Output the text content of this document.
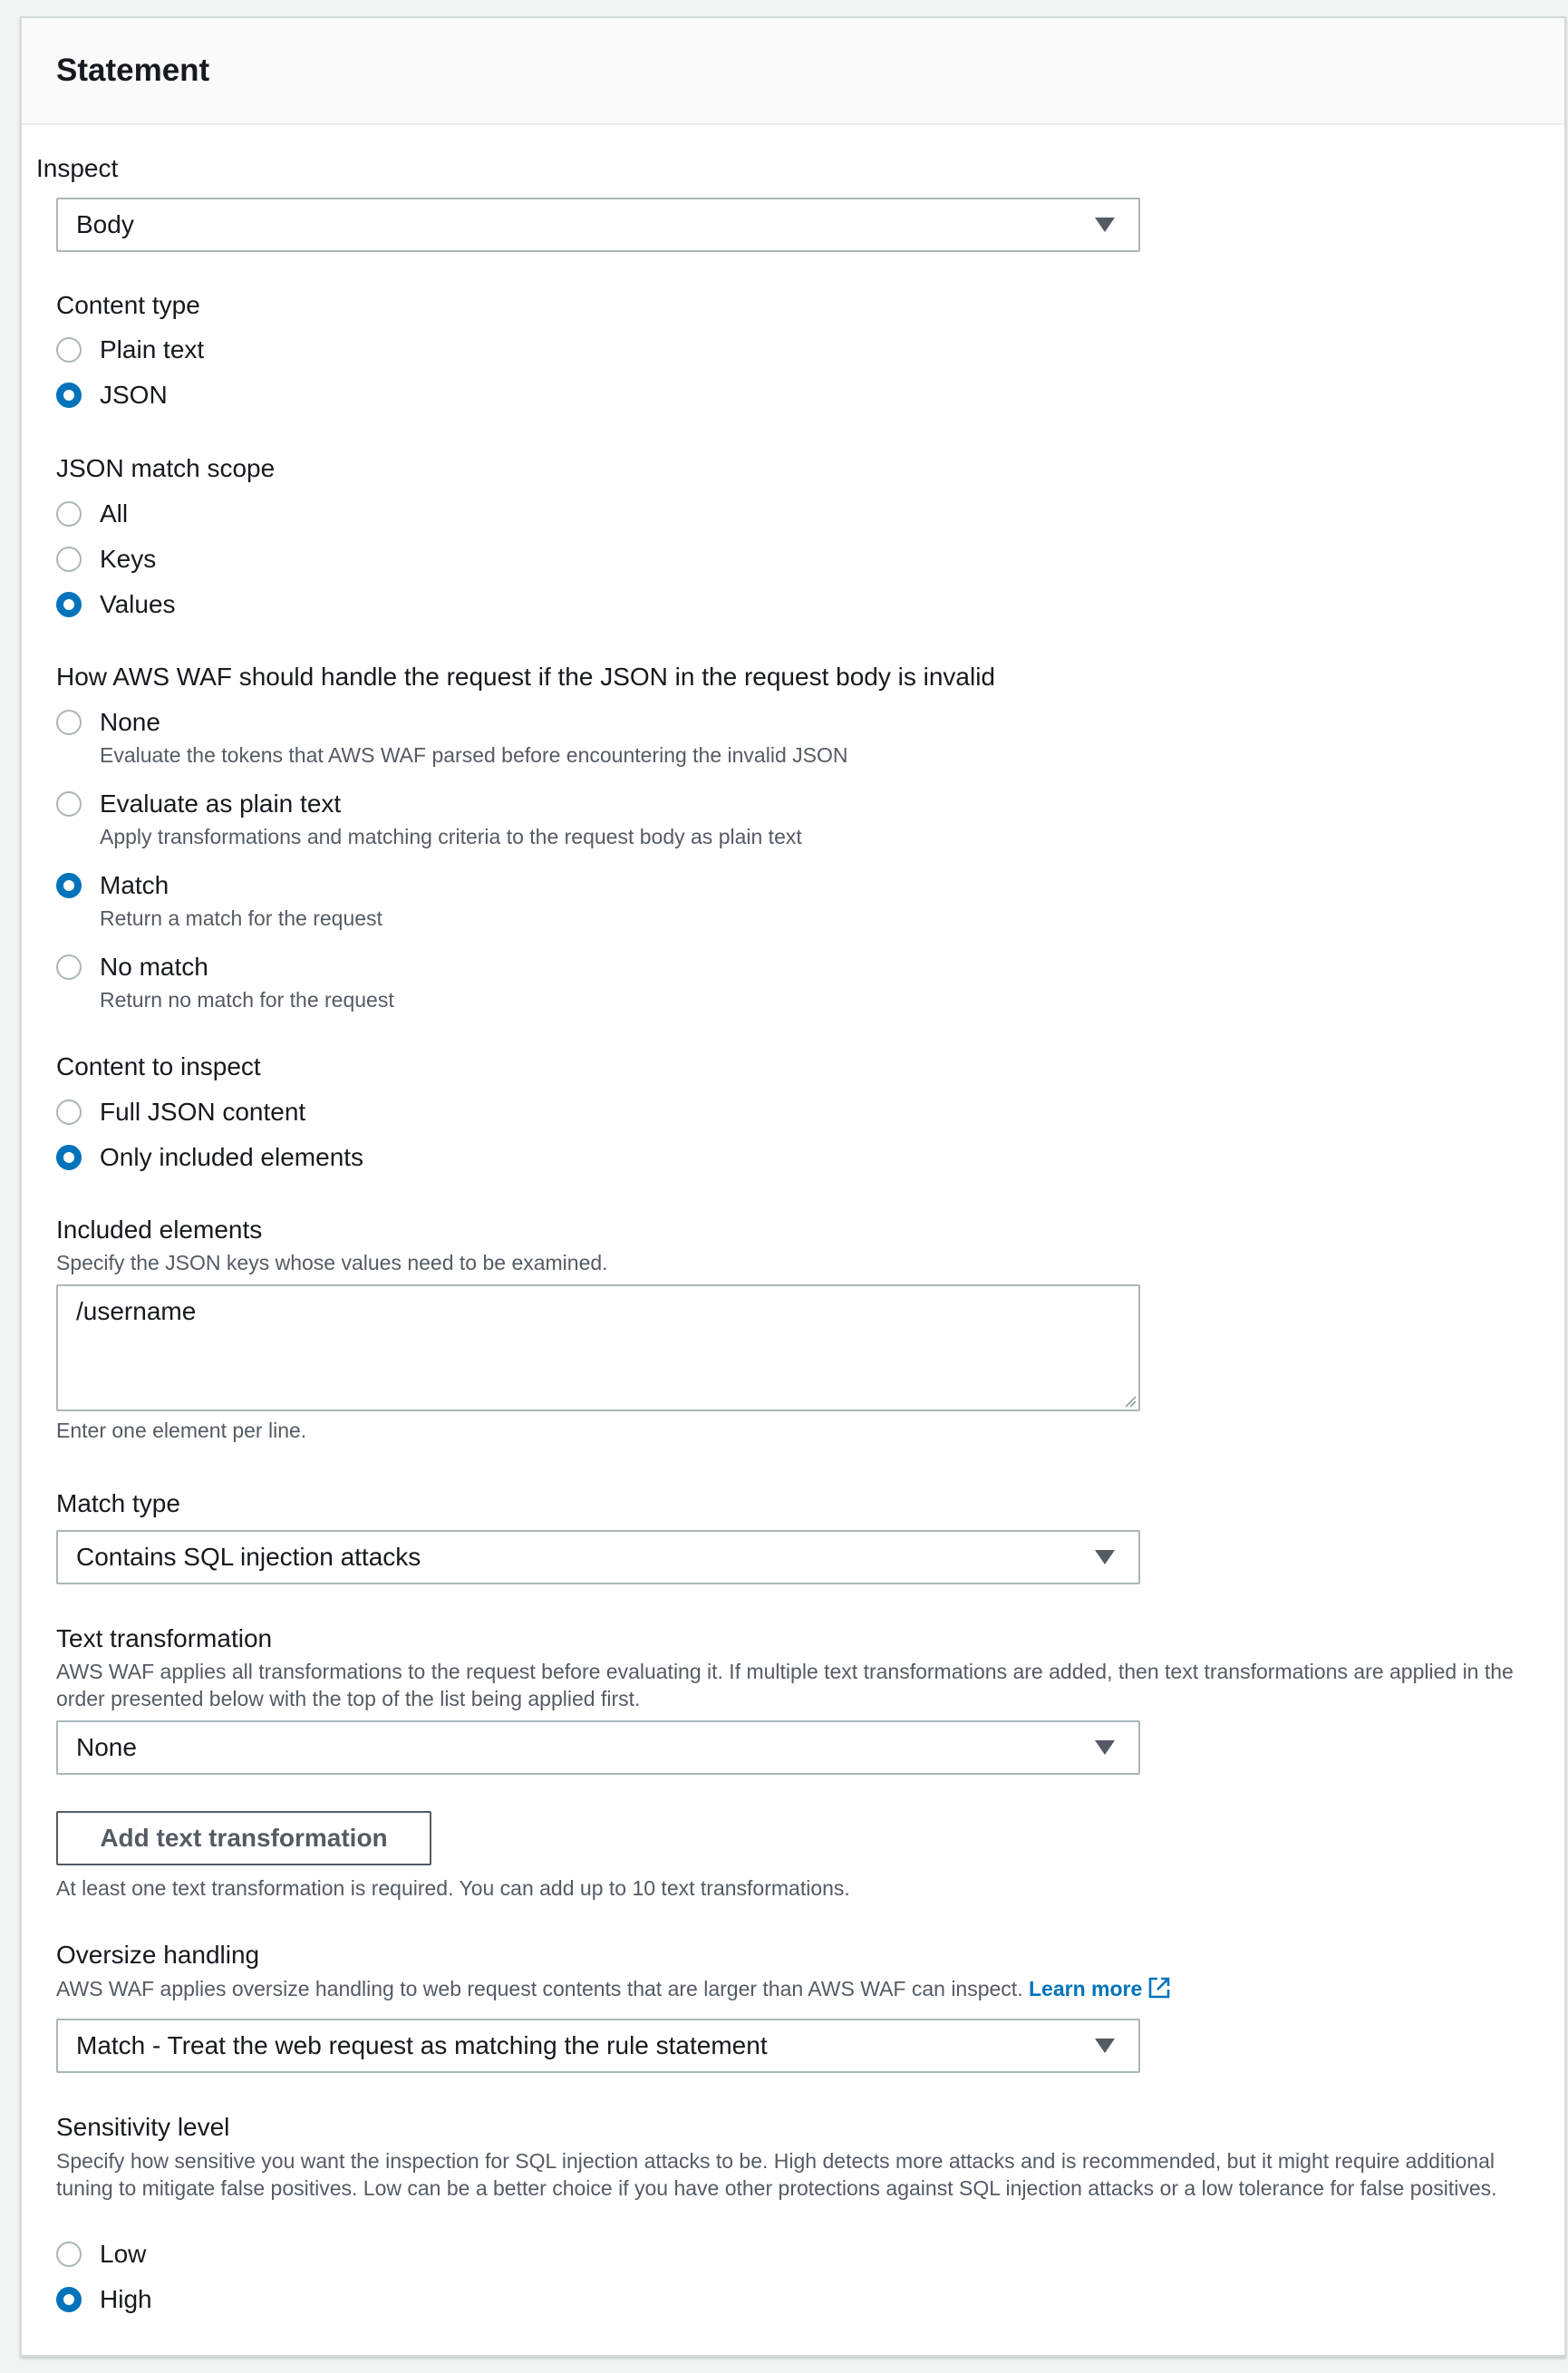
Statement
Inspect
Body
Content type
Plain text
JSON
JSON match scope
All
Keys
Values
How AWS WAF should handle the request if the JSON in the request body is invalid
None
Evaluate the tokens that AWS WAF parsed before encountering the invalid JSON
Evaluate as plain text
Apply transformations and matching criteria to the request body as plain text
Match
Return a match for the request
No match
Return no match for the request
Content to inspect
Full JSON content
Only included elements
Included elements
Specify the JSON keys whose values need to be examined.
/username
Enter one element per line.
Match type
Contains SQL injection attacks
Text transformation
AWS WAF applies all transformations to the request before evaluating it. If multiple text transformations are added, then text transformations are applied in the order presented below with the top of the list being applied first.
None
Add text transformation
At least one text transformation is required. You can add up to 10 text transformations.
Oversize handling
AWS WAF applies oversize handling to web request contents that are larger than AWS WAF can inspect. Learn more
Match - Treat the web request as matching the rule statement
Sensitivity level
Specify how sensitive you want the inspection for SQL injection attacks to be. High detects more attacks and is recommended, but it might require additional tuning to mitigate false positives. Low can be a better choice if you have other protections against SQL injection attacks or a low tolerance for false positives.
Low
High
